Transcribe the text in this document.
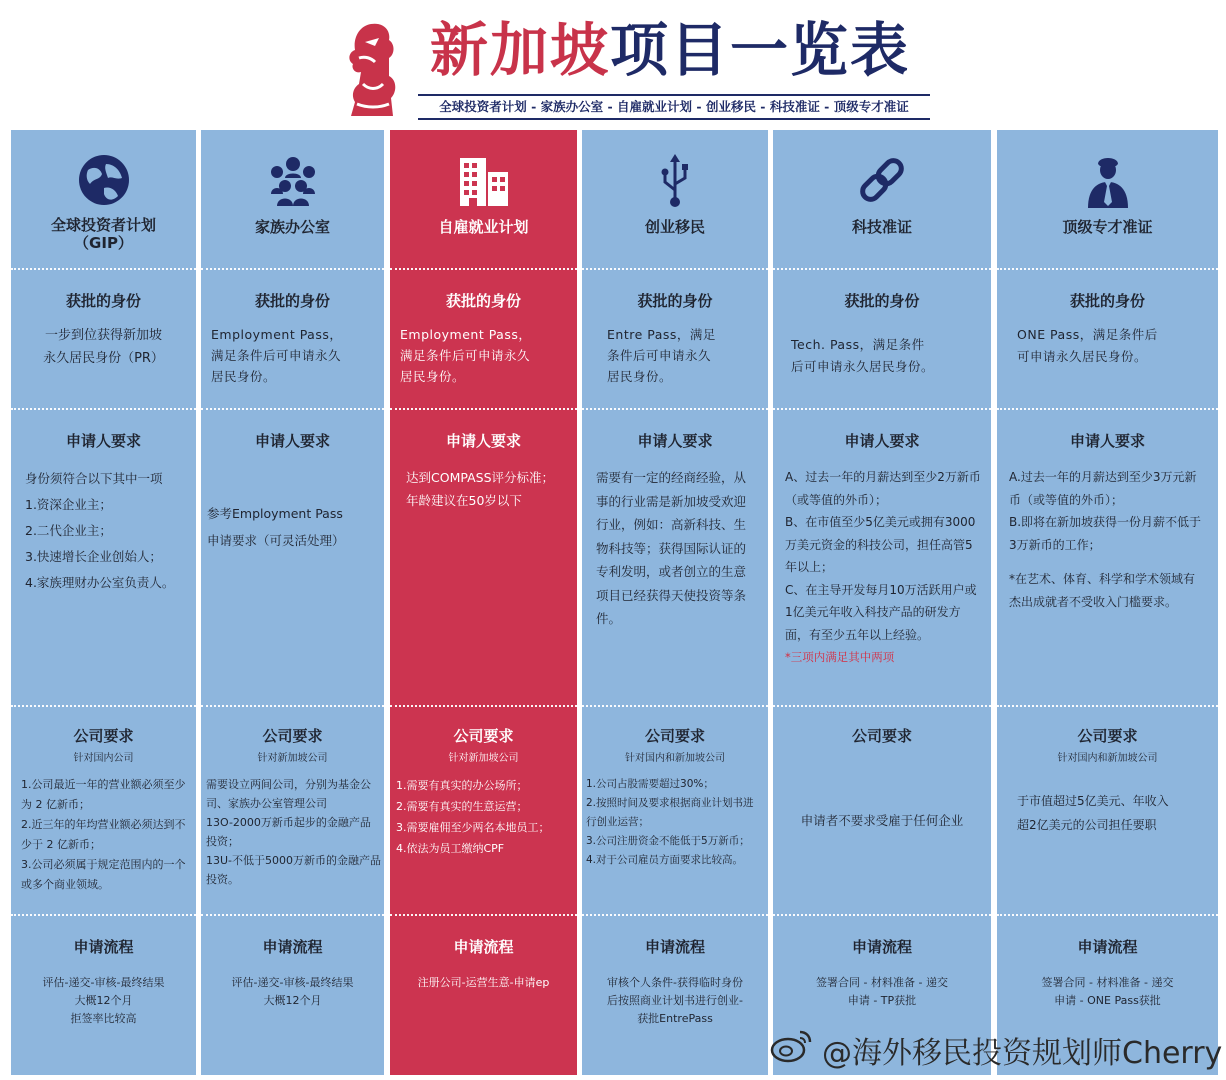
新加坡项目一览表
全球投资者计划 - 家族办公室 - 自雇就业计划 - 创业移民 - 科技准证 - 顶级专才准证
全球投资者计划
（GIP）
获批的身份

一步到位获得新加坡

永久居民身份（PR）

申请人要求

身份须符合以下其中一项

1.资深企业主；

2.二代企业主；

3.快速增长企业创始人；

4.家族理财办公室负责人。

公司要求
针对国内公司

1.公司最近一年的营业额必须至少为 2 亿新币；

2.近三年的年均营业额必须达到不少于 2 亿新币；

3.公司必须属于规定范围内的一个或多个商业领域。

申请流程

评估-递交-审核-最终结果

大概12个月

拒签率比较高

家族办公室
获批的身份

Employment Pass，

满足条件后可申请永久

居民身份。

申请人要求

参考Employment Pass

申请要求（可灵活处理）

公司要求
针对新加坡公司

需要设立两间公司，分别为基金公司、家族办公室管理公司

13O-2000万新币起步的金融产品投资；

13U-不低于5000万新币的金融产品投资。

申请流程

评估-递交-审核-最终结果

大概12个月

自雇就业计划
获批的身份

Employment Pass，

满足条件后可申请永久

居民身份。

申请人要求

达到COMPASS评分标准；

年龄建议在50岁以下

公司要求
针对新加坡公司

1.需要有真实的办公场所；

2.需要有真实的生意运营；

3.需要雇佣至少两名本地员工；

4.依法为员工缴纳CPF

申请流程

注册公司-运营生意-申请ep

创业移民
获批的身份

Entre Pass，满足

条件后可申请永久

居民身份。

申请人要求

需要有一定的经商经验，从事的行业需是新加坡受欢迎行业，例如：高新科技、生物科技等；获得国际认证的专利发明，或者创立的生意项目已经获得天使投资等条件。

公司要求
针对国内和新加坡公司

1.公司占股需要超过30%；

2.按照时间及要求根据商业计划书进行创业运营；

3.公司注册资金不能低于5万新币；

4.对于公司雇员方面要求比较高。

申请流程

审核个人条件-获得临时身份

后按照商业计划书进行创业-

获批EntrePass

科技准证
获批的身份

Tech. Pass，满足条件

后可申请永久居民身份。

申请人要求

A、过去一年的月薪达到至少2万新币（或等值的外币）；

B、在市值至少5亿美元或拥有3000万美元资金的科技公司，担任高管5年以上；

C、在主导开发每月10万活跃用户或1亿美元年收入科技产品的研发方面，有至少五年以上经验。

*三项内满足其中两项

公司要求

申请者不要求受雇于任何企业

申请流程

签署合同 - 材料准备 - 递交

申请 - TP获批

顶级专才准证
获批的身份

ONE Pass，满足条件后

可申请永久居民身份。

申请人要求

A.过去一年的月薪达到至少3万元新币（或等值的外币）；

B.即将在新加坡获得一份月薪不低于3万新币的工作；

*在艺术、体育、科学和学术领域有杰出成就者不受收入门槛要求。

公司要求
针对国内和新加坡公司

于市值超过5亿美元、年收入

超2亿美元的公司担任要职

申请流程

签署合同 - 材料准备 - 递交

申请 - ONE Pass获批

@海外移民投资规划师Cherry
